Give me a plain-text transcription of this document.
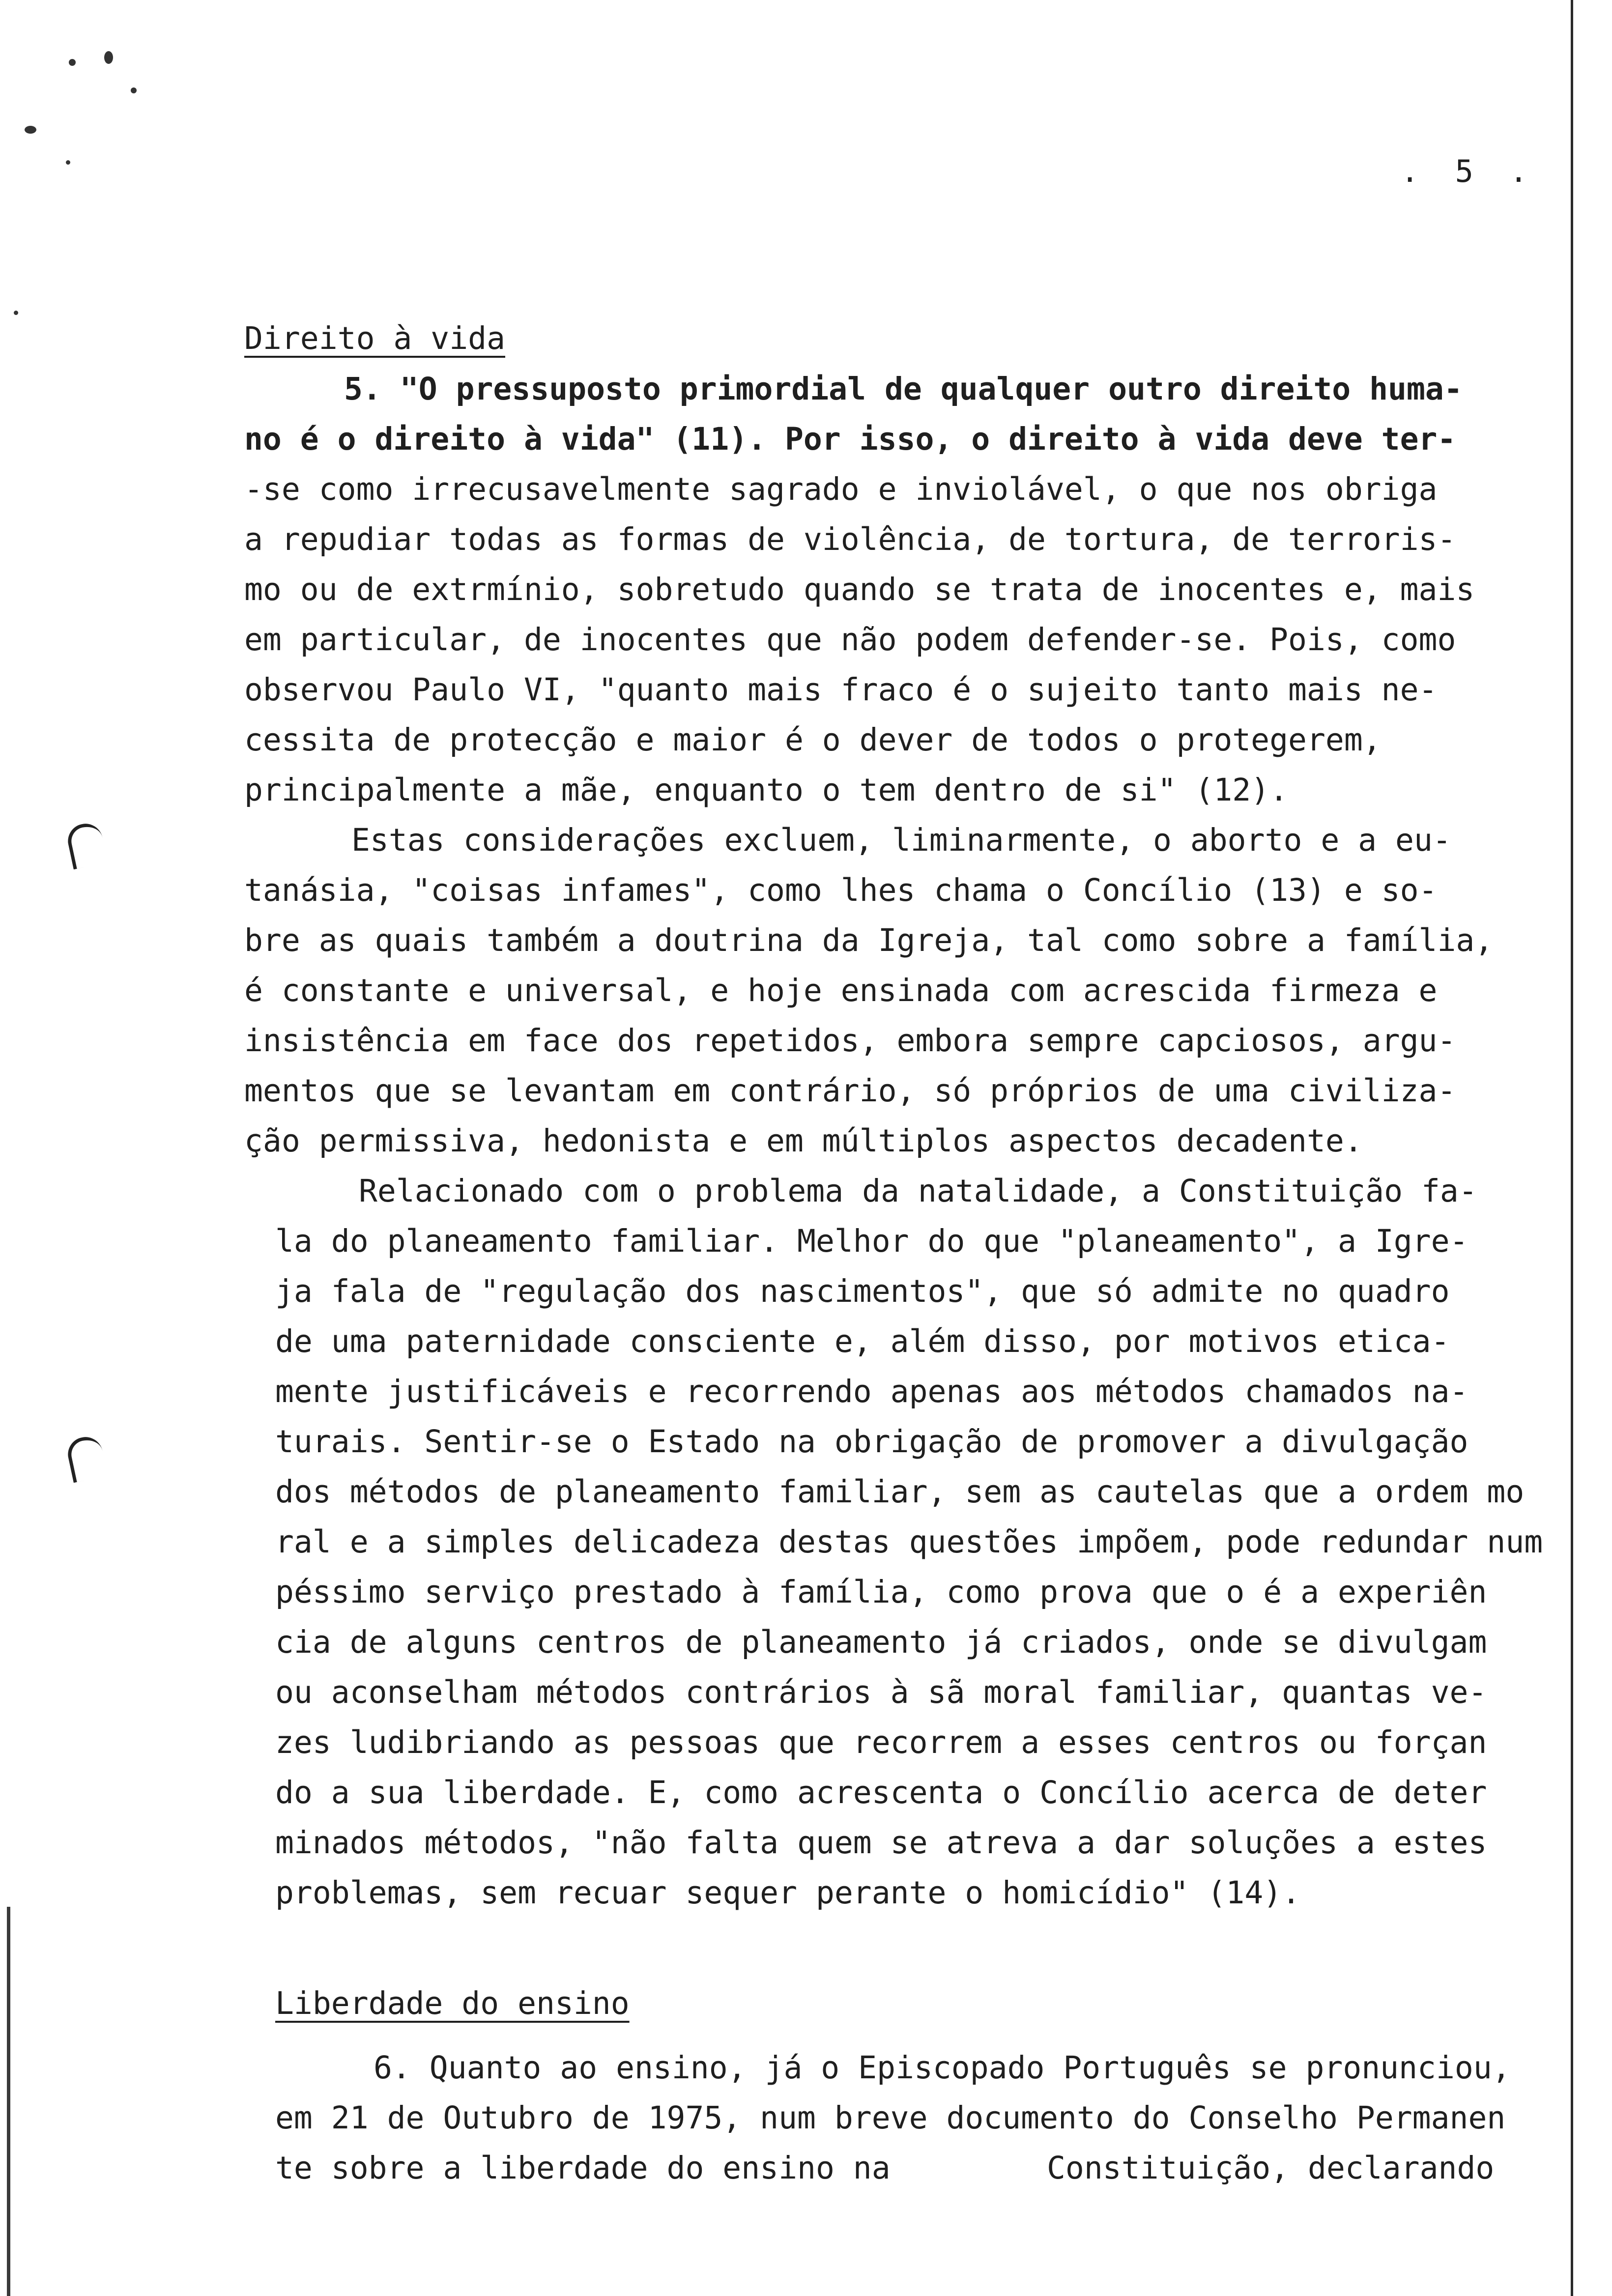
. 5 .
Direito à vida
5. "O pressuposto primordial de qualquer outro direito huma-
no é o direito à vida" (11). Por isso, o direito à vida deve ter-
-se como irrecusavelmente sagrado e inviolável, o que nos obriga
a repudiar todas as formas de violência, de tortura, de terroris-
mo ou de extrmínio, sobretudo quando se trata de inocentes e, mais
em particular, de inocentes que não podem defender-se. Pois, como
observou Paulo VI, "quanto mais fraco é o sujeito tanto mais ne-
cessita de protecção e maior é o dever de todos o protegerem,
principalmente a mãe, enquanto o tem dentro de si" (12).
Estas considerações excluem, liminarmente, o aborto e a eu-
tanásia, "coisas infames", como lhes chama o Concílio (13) e so-
bre as quais também a doutrina da Igreja, tal como sobre a família,
é constante e universal, e hoje ensinada com acrescida firmeza e
insistência em face dos repetidos, embora sempre capciosos, argu-
mentos que se levantam em contrário, só próprios de uma civiliza-
ção permissiva, hedonista e em múltiplos aspectos decadente.
Relacionado com o problema da natalidade, a Constituição fa-
la do planeamento familiar. Melhor do que "planeamento", a Igre-
ja fala de "regulação dos nascimentos", que só admite no quadro
de uma paternidade consciente e, além disso, por motivos etica-
mente justificáveis e recorrendo apenas aos métodos chamados na-
turais. Sentir-se o Estado na obrigação de promover a divulgação
dos métodos de planeamento familiar, sem as cautelas que a ordem mo
ral e a simples delicadeza destas questões impõem, pode redundar num
péssimo serviço prestado à família, como prova que o é a experiên
cia de alguns centros de planeamento já criados, onde se divulgam
ou aconselham métodos contrários à sã moral familiar, quantas ve-
zes ludibriando as pessoas que recorrem a esses centros ou forçan
do a sua liberdade. E, como acrescenta o Concílio acerca de deter
minados métodos, "não falta quem se atreva a dar soluções a estes
problemas, sem recuar sequer perante o homicídio" (14).
Liberdade do ensino
6. Quanto ao ensino, já o Episcopado Português se pronunciou,
em 21 de Outubro de 1975, num breve documento do Conselho Permanen
te sobre a liberdade do ensino na	Constituição, declarando
